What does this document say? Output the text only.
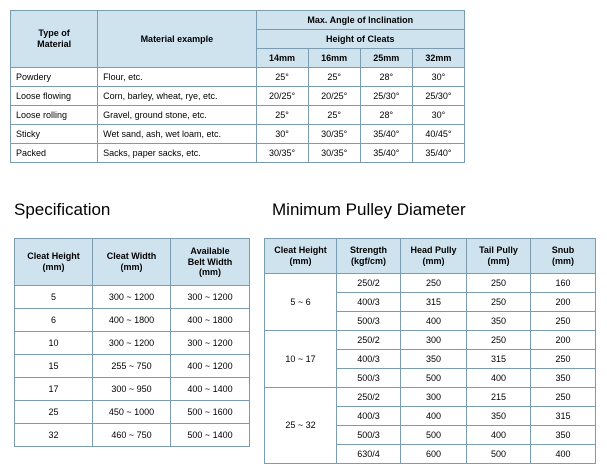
Type of
Material	Material example	Max. Angle of Inclination			
		Height of Cleats			
		14mm	16mm	25mm	32mm
Powdery	Flour, etc.	25°	25°	28°	30°
Loose flowing	Corn, barley, wheat, rye, etc.	20/25°	20/25°	25/30°	25/30°
Loose rolling	Gravel, ground stone, etc.	25°	25°	28°	30°
Sticky	Wet sand, ash, wet loam, etc.	30°	30/35°	35/40°	40/45°
Packed	Sacks, paper sacks, etc.	30/35°	30/35°	35/40°	35/40°
Specification	Minimum Pulley Diameter
Cleat Height
(mm)

Cleat Width
(mm)

Available
Belt Width
(mm)

5	300 ~ 1200	300 ~ 1200
6	400 ~ 1800	400 ~ 1800
10	300 ~ 1200	300 ~ 1200
15	255 ~ 750	400 ~ 1200
17	300 ~ 950	400 ~ 1400
25	450 ~ 1000	500 ~ 1600
32	460 ~ 750	500 ~ 1400
Cleat Height
(mm)

Strength
(kgf/cm)

Head Pully
(mm)

Tail Pully
(mm)

Snub
(mm)

5 ~ 6	250/2	250	250	160
	400/3	315	250	200
	500/3	400	350	250
10 ~ 17	250/2	300	250	200
	400/3	350	315	250
	500/3	500	400	350
25 ~ 32	250/2	300	215	250
	400/3	400	350	315
	500/3	500	400	350
	630/4	600	500	400
